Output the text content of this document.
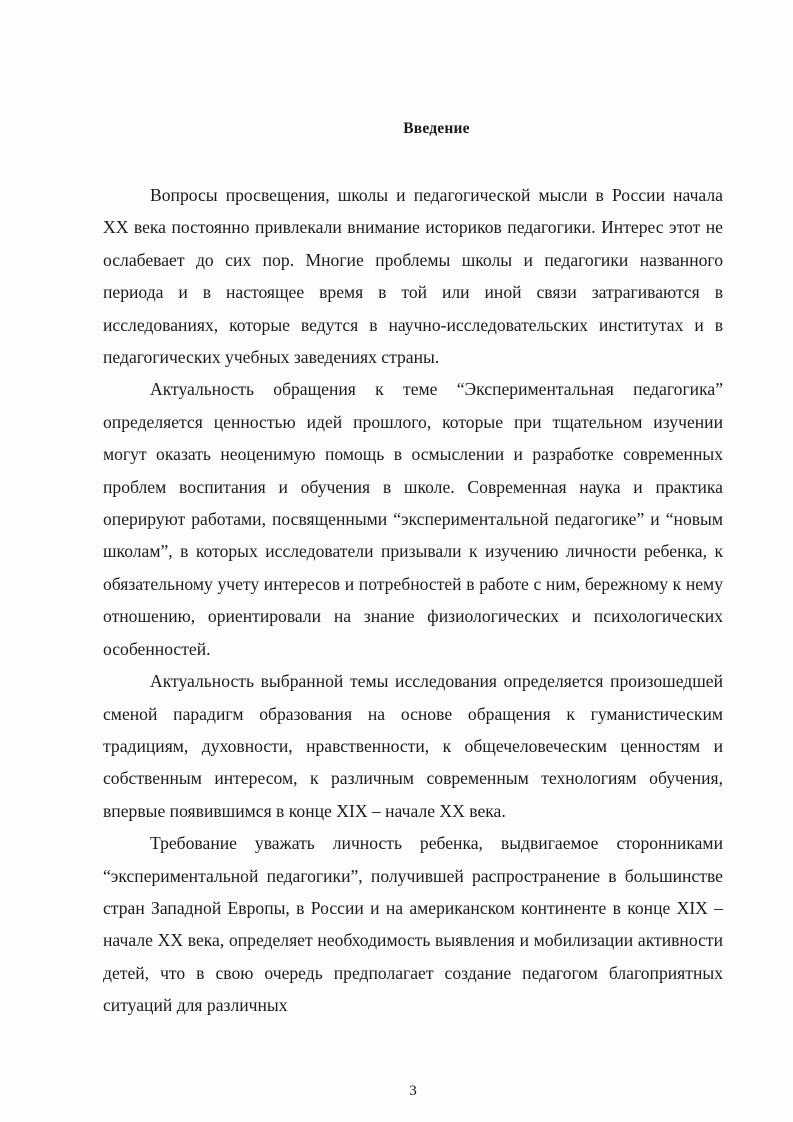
Введение

Вопросы просвещения, школы и педагогической мысли в России начала XX века постоянно привлекали внимание историков педагогики. Интерес этот не ослабевает до сих пор. Многие проблемы школы и педагогики названного периода и в настоящее время в той или иной связи затрагиваются в исследованиях, которые ведутся в научно-исследовательских институтах и в педагогических учебных заведениях страны.

Актуальность обращения к теме “Экспериментальная педагогика” определяется ценностью идей прошлого, которые при тщательном изучении могут оказать неоценимую помощь в осмыслении и разработке современных проблем воспитания и обучения в школе. Современная наука и практика оперируют работами, посвященными “экспериментальной педагогике” и “новым школам”, в которых исследователи призывали к изучению личности ребенка, к обязательному учету интересов и потребностей в работе с ним, бережному к нему отношению, ориентировали на знание физиологических и психологических особенностей.

Актуальность выбранной темы исследования определяется произошедшей сменой парадигм образования на основе обращения к гуманистическим традициям, духовности, нравственности, к общечеловеческим ценностям и собственным интересом, к различным современным технологиям обучения, впервые появившимся в конце XIX – начале XX века.

Требование уважать личность ребенка, выдвигаемое сторонниками “экспериментальной педагогики”, получившей распространение в большинстве стран Западной Европы, в России и на американском континенте в конце XIX – начале XX века, определяет необходимость выявления и мобилизации активности детей, что в свою очередь предполагает создание педагогом благоприятных ситуаций для различных

3
